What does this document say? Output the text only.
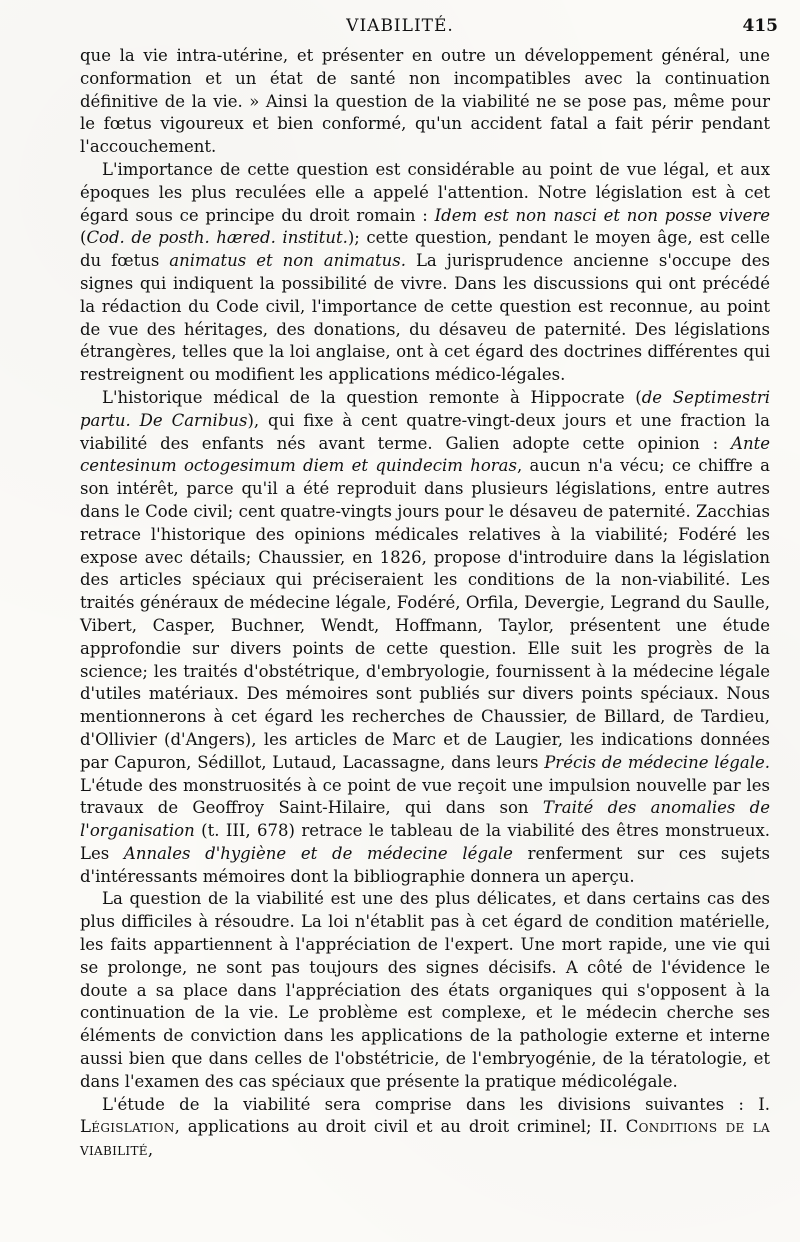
VIABILITÉ.	415

que la vie intra-utérine, et présenter en outre un développement général, une conformation et un état de santé non incompatibles avec la continuation définitive de la vie. » Ainsi la question de la viabilité ne se pose pas, même pour le fœtus vigoureux et bien conformé, qu'un accident fatal a fait périr pendant l'accouchement.

L'importance de cette question est considérable au point de vue légal, et aux époques les plus reculées elle a appelé l'attention. Notre législation est à cet égard sous ce principe du droit romain : Idem est non nasci et non posse vivere (Cod. de posth. hæred. institut.); cette question, pendant le moyen âge, est celle du fœtus animatus et non animatus. La jurisprudence ancienne s'occupe des signes qui indiquent la possibilité de vivre. Dans les discussions qui ont précédé la rédaction du Code civil, l'importance de cette question est reconnue, au point de vue des héritages, des donations, du désaveu de paternité. Des législations étrangères, telles que la loi anglaise, ont à cet égard des doctrines différentes qui restreignent ou modifient les applications médico-légales.

L'historique médical de la question remonte à Hippocrate (de Septimestri partu. De Carnibus), qui fixe à cent quatre-vingt-deux jours et une fraction la viabilité des enfants nés avant terme. Galien adopte cette opinion : Ante centesinum octogesimum diem et quindecim horas, aucun n'a vécu; ce chiffre a son intérêt, parce qu'il a été reproduit dans plusieurs législations, entre autres dans le Code civil; cent quatre-vingts jours pour le désaveu de paternité. Zacchias retrace l'historique des opinions médicales relatives à la viabilité; Fodéré les expose avec détails; Chaussier, en 1826, propose d'introduire dans la législation des articles spéciaux qui préciseraient les conditions de la non-viabilité. Les traités généraux de médecine légale, Fodéré, Orfila, Devergie, Legrand du Saulle, Vibert, Casper, Buchner, Wendt, Hoffmann, Taylor, présentent une étude approfondie sur divers points de cette question. Elle suit les progrès de la science; les traités d'obstétrique, d'embryologie, fournissent à la médecine légale d'utiles matériaux. Des mémoires sont publiés sur divers points spéciaux. Nous mentionnerons à cet égard les recherches de Chaussier, de Billard, de Tardieu, d'Ollivier (d'Angers), les articles de Marc et de Laugier, les indications données par Capuron, Sédillot, Lutaud, Lacassagne, dans leurs Précis de médecine légale. L'étude des monstruosités à ce point de vue reçoit une impulsion nouvelle par les travaux de Geoffroy Saint-Hilaire, qui dans son Traité des anomalies de l'organisation (t. III, 678) retrace le tableau de la viabilité des êtres monstrueux. Les Annales d'hygiène et de médecine légale renferment sur ces sujets d'intéressants mémoires dont la bibliographie donnera un aperçu.

La question de la viabilité est une des plus délicates, et dans certains cas des plus difficiles à résoudre. La loi n'établit pas à cet égard de condition matérielle, les faits appartiennent à l'appréciation de l'expert. Une mort rapide, une vie qui se prolonge, ne sont pas toujours des signes décisifs. A côté de l'évidence le doute a sa place dans l'appréciation des états organiques qui s'opposent à la continuation de la vie. Le problème est complexe, et le médecin cherche ses éléments de conviction dans les applications de la pathologie externe et interne aussi bien que dans celles de l'obstétricie, de l'embryogénie, de la tératologie, et dans l'examen des cas spéciaux que présente la pratique médicolégale.

L'étude de la viabilité sera comprise dans les divisions suivantes : I. Législation, applications au droit civil et au droit criminel; II. Conditions de la viabilité,
